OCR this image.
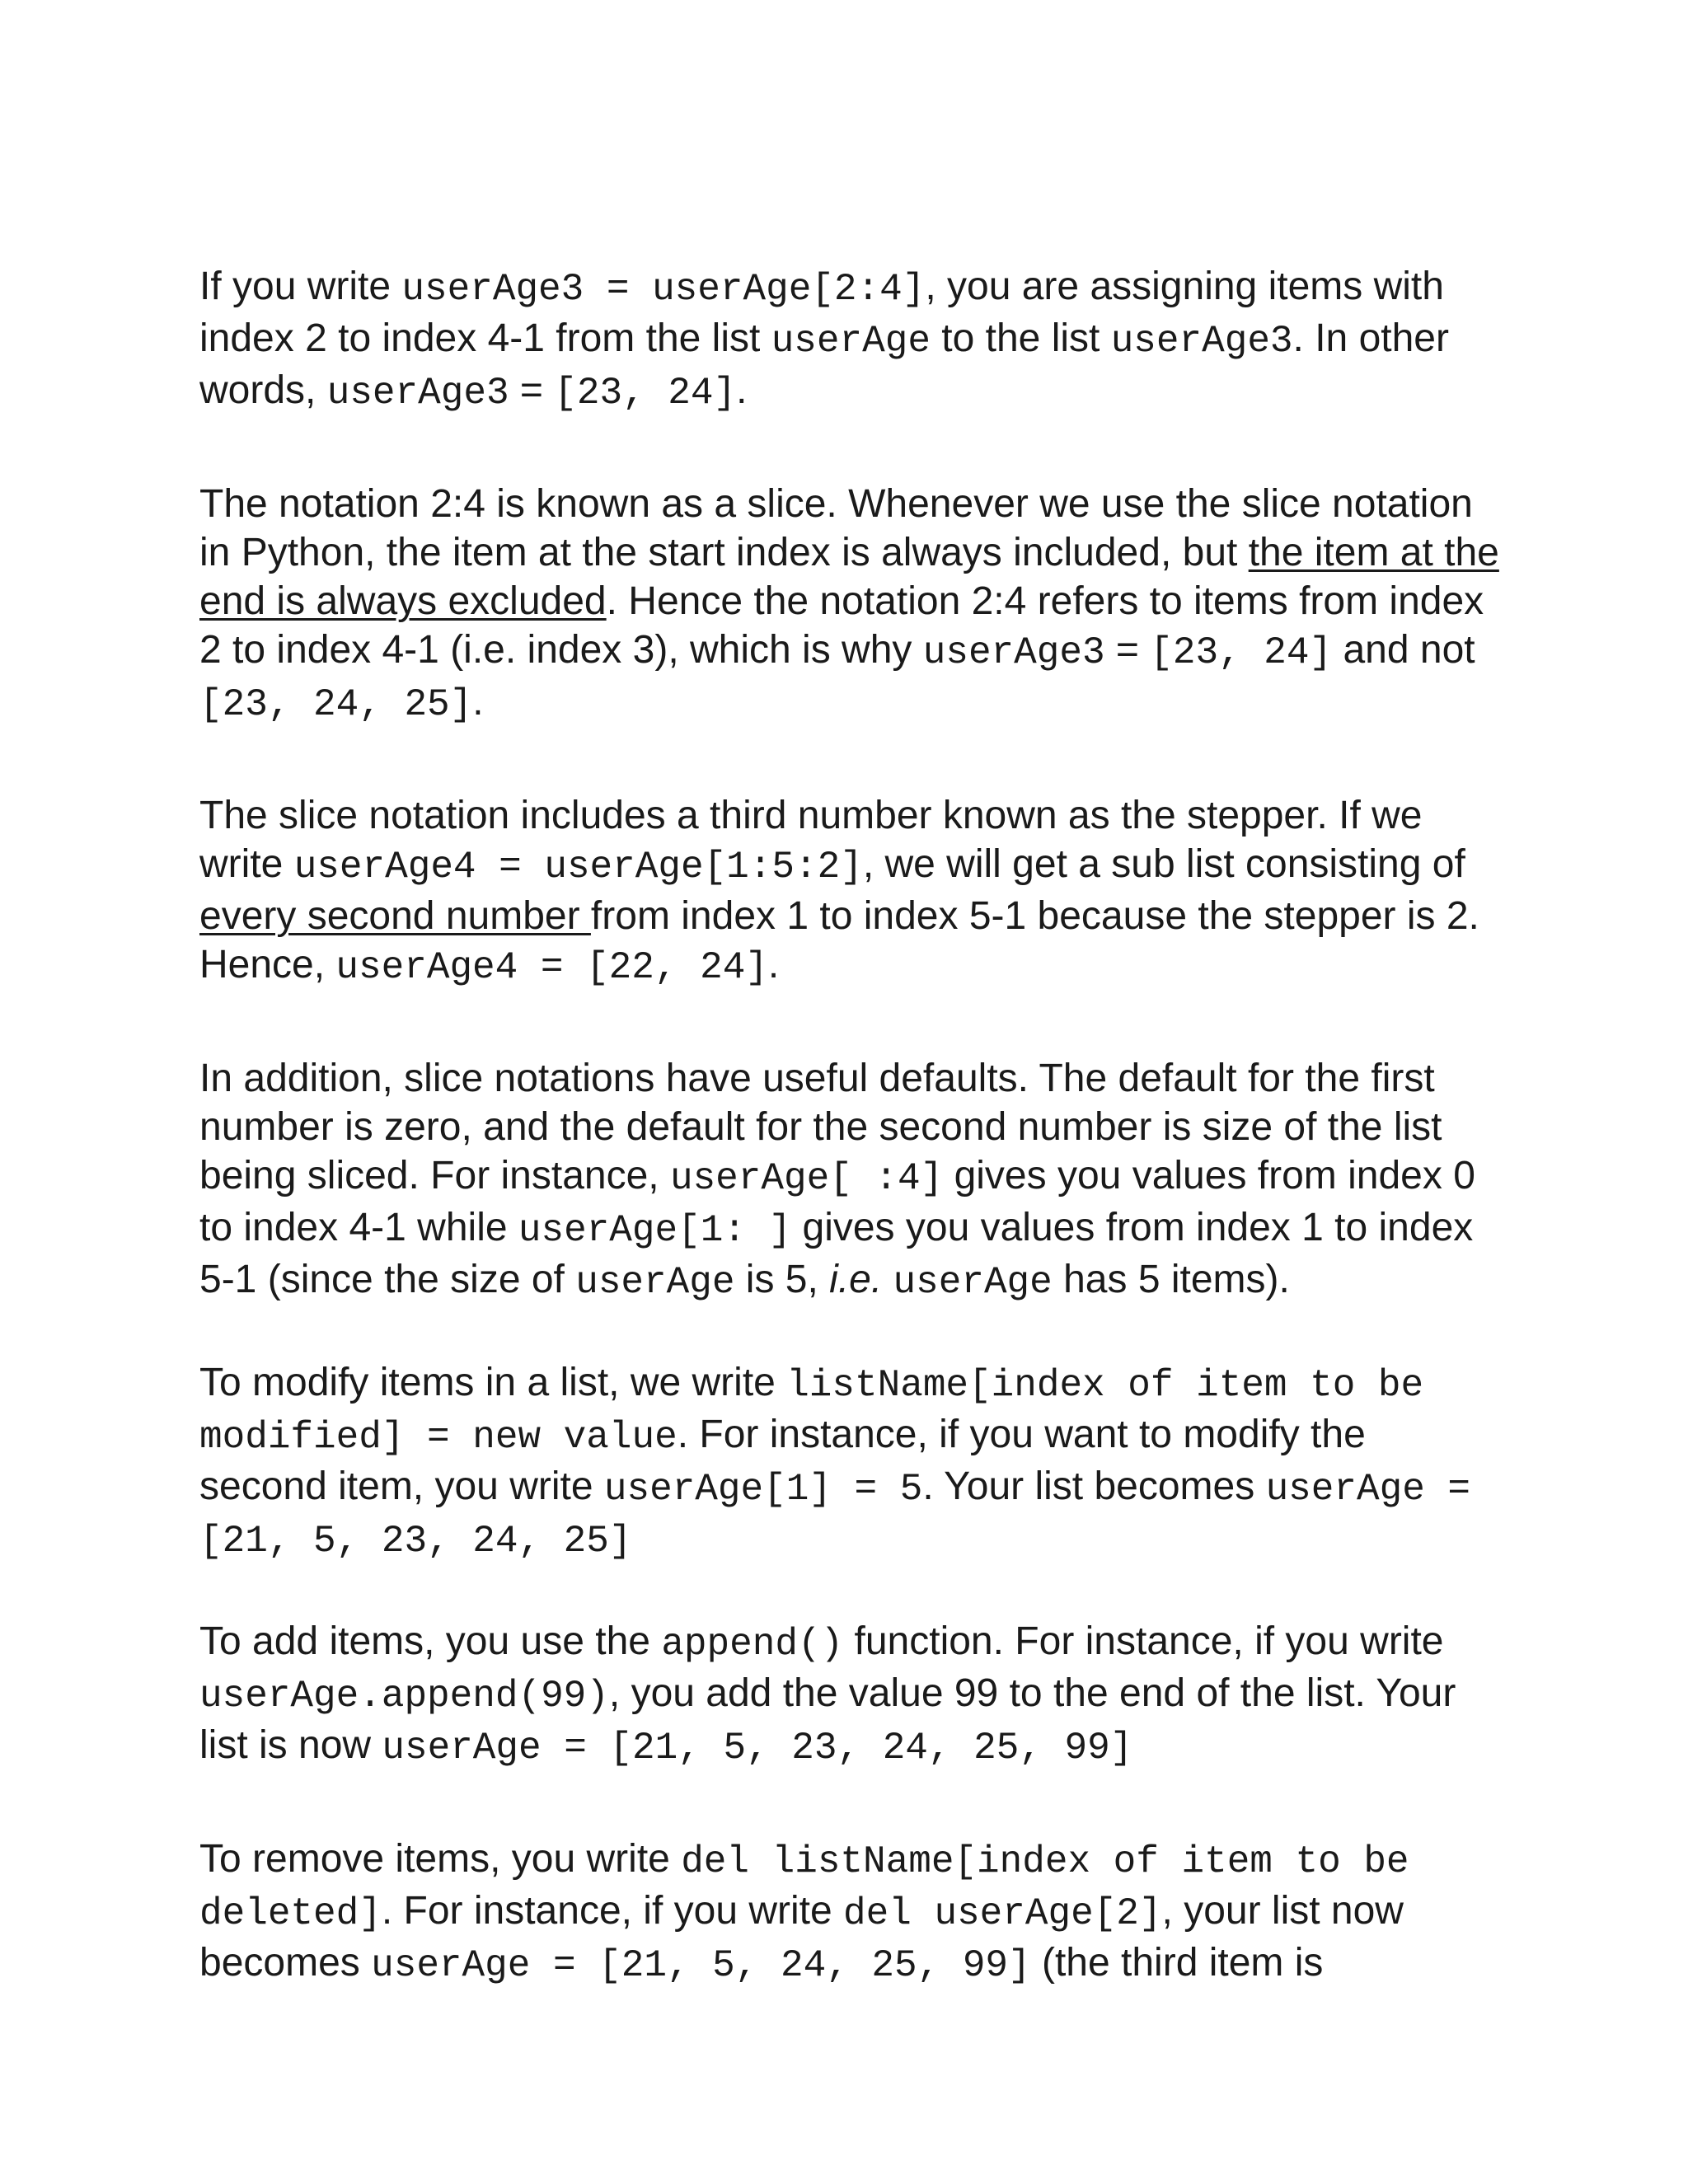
If you write userAge3 = userAge[2:4], you are assigning items with index 2 to index 4-1 from the list userAge to the list userAge3. In other words, userAge3 = [23, 24].

The notation 2:4 is known as a slice. Whenever we use the slice notation in Python, the item at the start index is always included, but the item at the end is always excluded. Hence the notation 2:4 refers to items from index 2 to index 4-1 (i.e. index 3), which is why userAge3 = [23, 24] and not [23, 24, 25].

The slice notation includes a third number known as the stepper. If we write userAge4 = userAge[1:5:2], we will get a sub list consisting of every second number from index 1 to index 5-1 because the stepper is 2. Hence, userAge4 = [22, 24].

In addition, slice notations have useful defaults. The default for the first number is zero, and the default for the second number is size of the list being sliced. For instance, userAge[ :4] gives you values from index 0 to index 4-1 while userAge[1: ] gives you values from index 1 to index 5-1 (since the size of userAge is 5, i.e. userAge has 5 items).

To modify items in a list, we write listName[index of item to be modified] = new value. For instance, if you want to modify the second item, you write userAge[1] = 5. Your list becomes userAge = [21, 5, 23, 24, 25]

To add items, you use the append() function. For instance, if you write userAge.append(99), you add the value 99 to the end of the list. Your list is now userAge = [21, 5, 23, 24, 25, 99]

To remove items, you write del listName[index of item to be deleted]. For instance, if you write del userAge[2], your list now becomes userAge = [21, 5, 24, 25, 99] (the third item is
